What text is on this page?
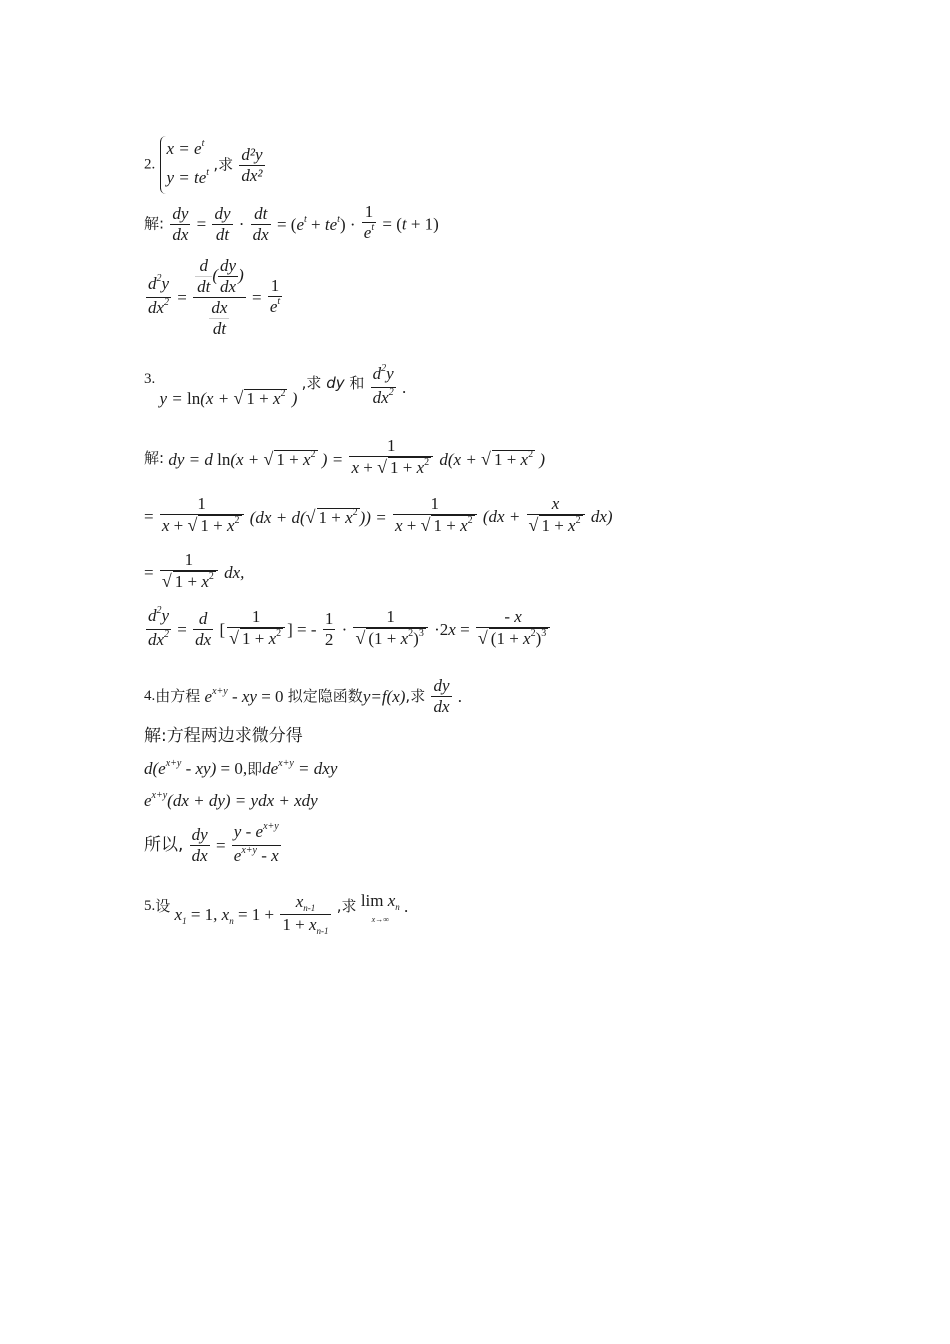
2. $x = e^t$
$y = te^t$ ,求 $\frac{\text{d²y}}{\text{dx²}}$
解: $\frac{dy}{dx} = \frac{dy}{dt} \cdot \frac{dt}{dx} = (e^t + te^t) \cdot \frac{1}{e^t} = (t + 1)$
$\frac{d^2y}{dx^2} = \frac{\frac{d}{dt} ( \frac{dy}{dx} )}{\frac{dx}{dt}} = \frac{1}{e^t}$
3. y = ln(x + √ $1 + x^2$ ) ,求 dy 和 $\frac{d^2y}{dx^2}$ .
解: dy = d ln(x + √ $1 + x^2$ ) = $\frac{1}{x + √ 1 + x^2} d(x$ + √ $1 + x^2$ )
= $\frac{1}{x + √ 1 + x^2} (dx + d(√$ $1 + x^2$ )) = $\frac{1}{x + √ 1 + x^2} (dx + \frac{x}{√ 1 + x^2} dx)$
= $\frac{1}{√ 1 + x^2}$ dx,
$\frac{d^2y}{dx^2} = \frac{d}{dx}$ [ $\frac{1}{√ 1 + x^2}$ ] = - $\frac{1}{2} \cdot \frac{1}{√ (1 + x^2)^3} \cdot 2x = \frac{- x}{√ (1 + x^2)^3}$
4.由方程 $e^{x+y}$ - xy = 0 拟定隐函数y=f(x),求 $\frac{dy}{dx}$ .
解:方程两边求微分得
$d(e^{x+y} - xy) = 0$,即$de^{x+y}$ = dxy
$e^{x+y}(dx + dy)$ = ydx + xdy
所以, $\frac{dy}{dx} = \frac{y - e^{x+y}}{e^{x+y} - x}$
5.设 $x_1 = 1$, $x_n = 1 + \frac{x_{n-1}}{1 + x_{n-1}}$ ,求 $\lim x_n$
x→∞ .
